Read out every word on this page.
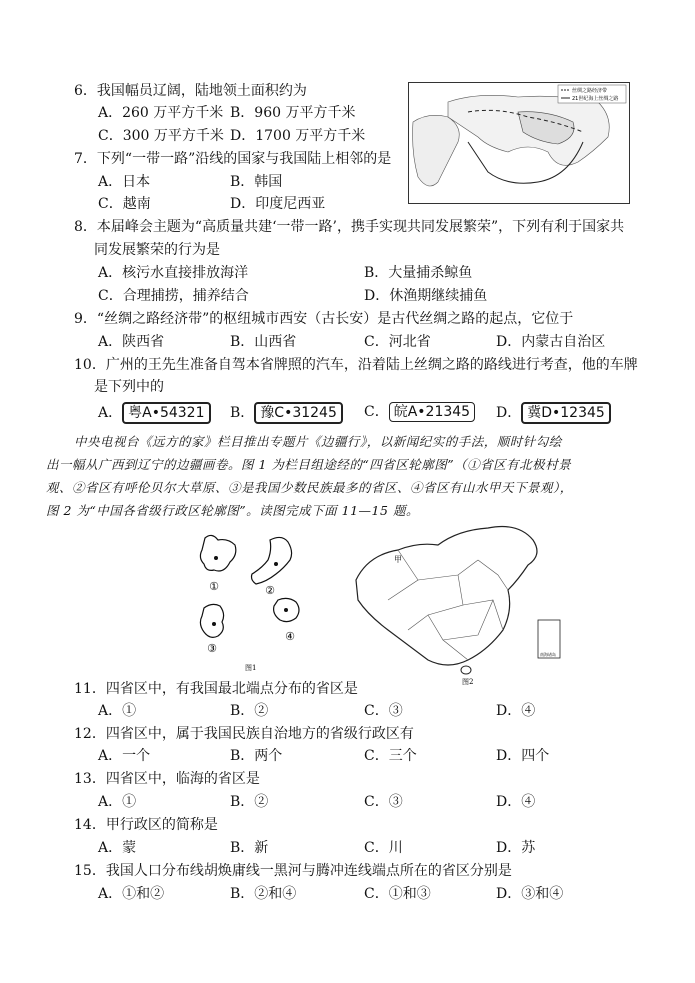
6．我国幅员辽阔，陆地领土面积约为
A．260 万平方千米 B．960 万平方千米
C．300 万平方千米 D．1700 万平方千米
7．下列“一带一路”沿线的国家与我国陆上相邻的是
A．日本	B．韩国
C．越南	D．印度尼西亚
丝绸之路经济带
21世纪海上丝绸之路
8．本届峰会主题为“高质量共建‘一带一路’，携手实现共同发展繁荣”，下列有利于国家共
同发展繁荣的行为是
A．核污水直接排放海洋	B．大量捕杀鲸鱼
C．合理捕捞，捕养结合	D．休渔期继续捕鱼
9．“丝绸之路经济带”的枢纽城市西安（古长安）是古代丝绸之路的起点，它位于
A．陕西省	B．山西省	C．河北省	D．内蒙古自治区
10．广州的王先生准备自驾本省牌照的汽车，沿着陆上丝绸之路的路线进行考查，他的车牌
是下列中的
A． 粤A•54321	B． 豫C•31245	C． 皖A•21345	D． 冀D•12345
中央电视台《远方的家》栏目推出专题片《边疆行》，以新闻纪实的手法，顺时针勾绘
出一幅从广西到辽宁的边疆画卷。图 1 为栏目组途经的“四省区轮廓图”（①省区有北极村景
观、②省区有呼伦贝尔大草原、③是我国少数民族最多的省区、④省区有山水甲天下景观），
图 2 为“中国各省级行政区轮廓图”。读图完成下面 11—15 题。
①	②
③
④
图1
甲
南海诸岛
图2
11．四省区中，有我国最北端点分布的省区是
A．①	B．②	C．③	D．④
12．四省区中，属于我国民族自治地方的省级行政区有
A．一个	B．两个	C．三个	D．四个
13．四省区中，临海的省区是
A．①	B．②	C．③	D．④
14．甲行政区的简称是
A．蒙	B．新	C．川	D．苏
15．我国人口分布线胡焕庸线一黑河与腾冲连线端点所在的省区分别是
A．①和②	B．②和④	C．①和③	D．③和④
